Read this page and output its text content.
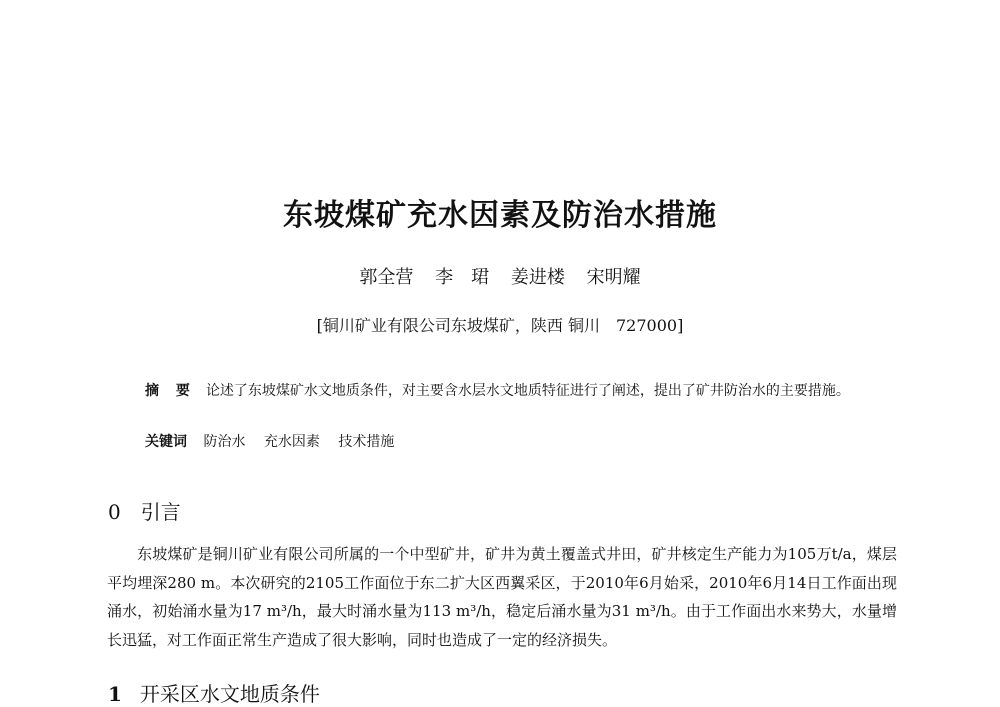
东坡煤矿充水因素及防治水措施
郭全营 李　珺 姜进楼 宋明耀
[铜川矿业有限公司东坡煤矿，陕西 铜川　727000]
摘 要 论述了东坡煤矿水文地质条件，对主要含水层水文地质特征进行了阐述，提出了矿井防治水的主要措施。
关键词 防治水 充水因素 技术措施
0 引言
东坡煤矿是铜川矿业有限公司所属的一个中型矿井，矿井为黄土覆盖式井田，矿井核定生产能力为105万t/a，煤层平均埋深280 m。本次研究的2105工作面位于东二扩大区西翼采区，于2010年6月始采，2010年6月14日工作面出现涌水，初始涌水量为17 m³/h，最大时涌水量为113 m³/h，稳定后涌水量为31 m³/h。由于工作面出水来势大，水量增长迅猛，对工作面正常生产造成了很大影响，同时也造成了一定的经济损失。
1 开采区水文地质条件
